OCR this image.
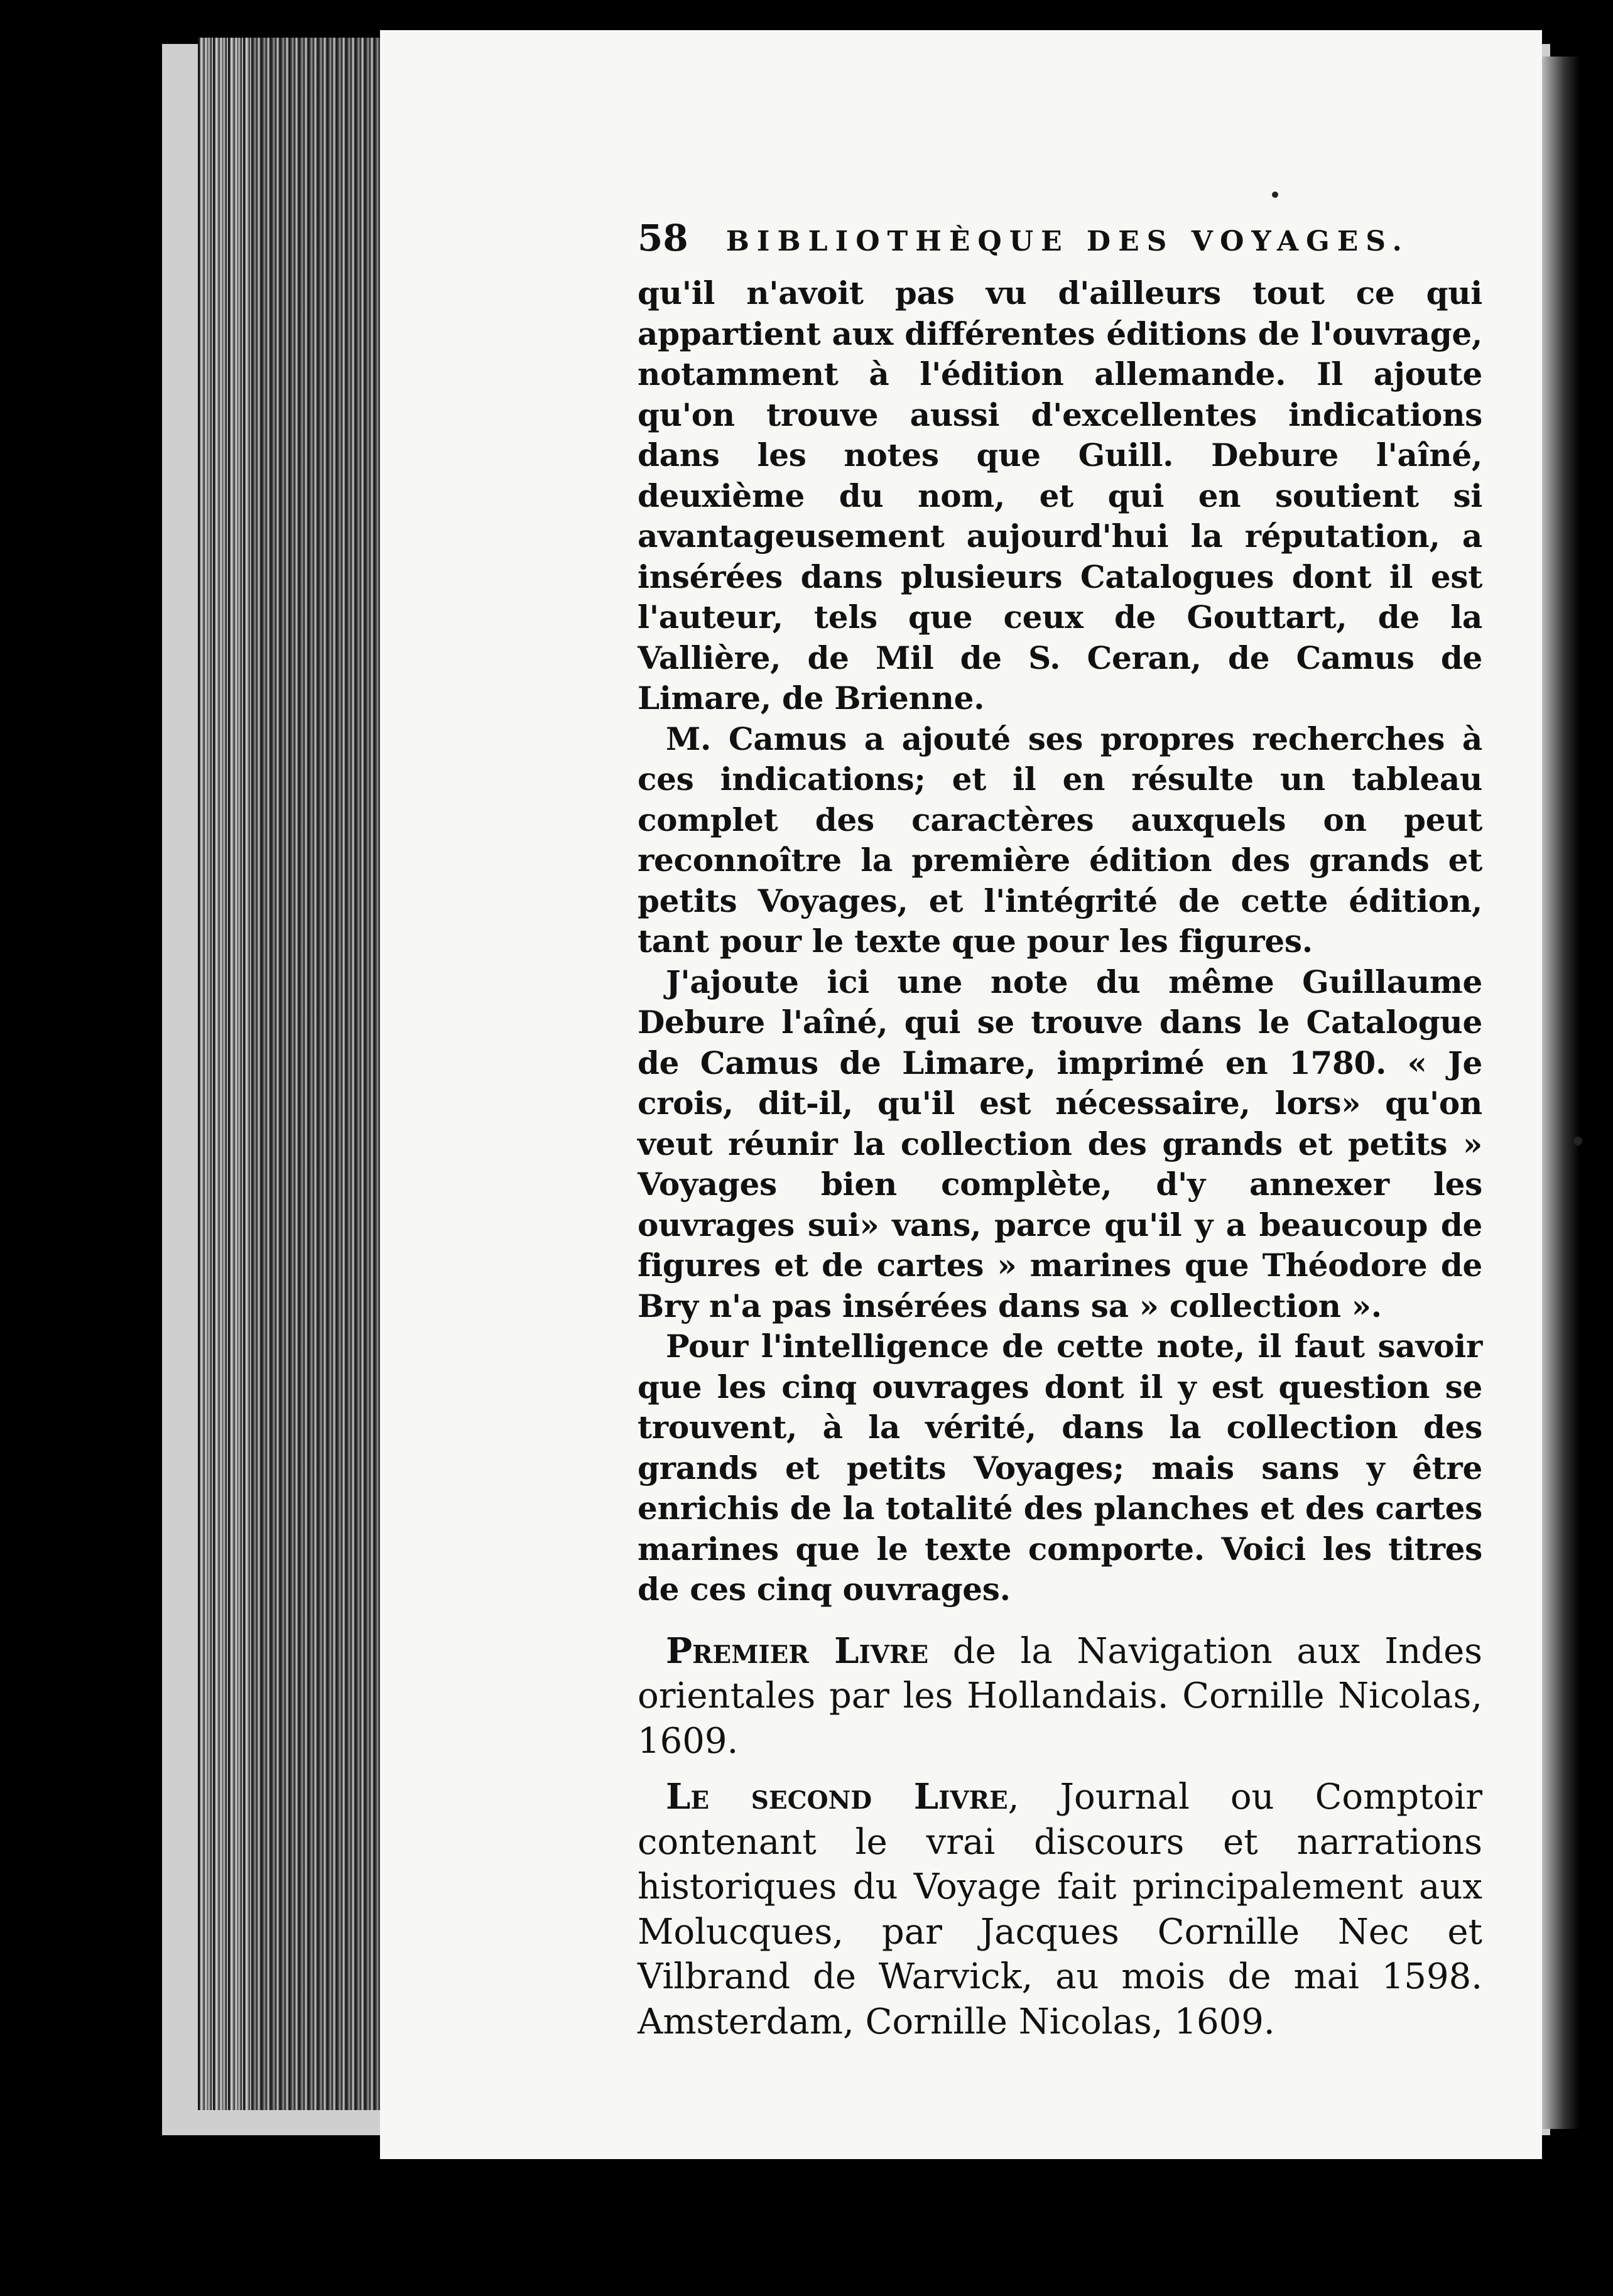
58 BIBLIOTHÈQUE DES VOYAGES.

qu'il n'avoit pas vu d'ailleurs tout ce qui appartient aux différentes éditions de l'ouvrage, notamment à l'édition allemande. Il ajoute qu'on trouve aussi d'excellentes indications dans les notes que Guill. Debure l'aîné, deuxième du nom, et qui en soutient si avantageusement aujourd'hui la réputation, a insérées dans plusieurs Catalogues dont il est l'auteur, tels que ceux de Gouttart, de la Vallière, de Mil de S. Ceran, de Camus de Limare, de Brienne.

M. Camus a ajouté ses propres recherches à ces indications; et il en résulte un tableau complet des caractères auxquels on peut reconnoître la première édition des grands et petits Voyages, et l'intégrité de cette édition, tant pour le texte que pour les figures.

J'ajoute ici une note du même Guillaume Debure l'aîné, qui se trouve dans le Catalogue de Camus de Limare, imprimé en 1780. « Je crois, dit-il, qu'il est nécessaire, lors» qu'on veut réunir la collection des grands et petits » Voyages bien complète, d'y annexer les ouvrages sui» vans, parce qu'il y a beaucoup de figures et de cartes » marines que Théodore de Bry n'a pas insérées dans sa » collection ».

Pour l'intelligence de cette note, il faut savoir que les cinq ouvrages dont il y est question se trouvent, à la vérité, dans la collection des grands et petits Voyages; mais sans y être enrichis de la totalité des planches et des cartes marines que le texte comporte. Voici les titres de ces cinq ouvrages.

Premier Livre de la Navigation aux Indes orientales par les Hollandais. Cornille Nicolas, 1609.

Le second Livre, Journal ou Comptoir contenant le vrai discours et narrations historiques du Voyage fait principalement aux Molucques, par Jacques Cornille Nec et Vilbrand de Warvick, au mois de mai 1598. Amsterdam, Cornille Nicolas, 1609.
